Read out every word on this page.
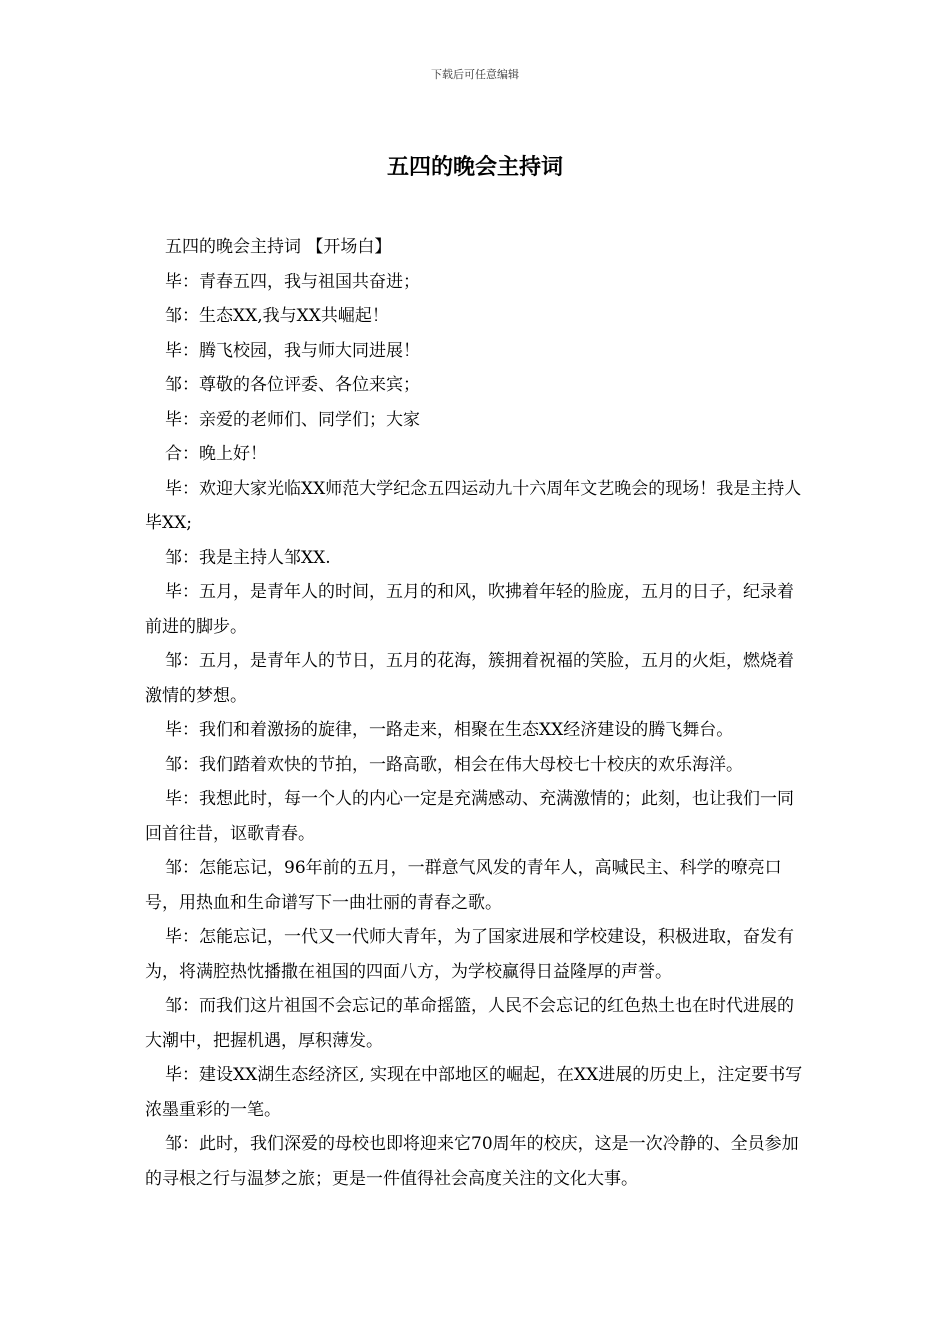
下载后可任意编辑
五四的晚会主持词

五四的晚会主持词 【开场白】

毕：青春五四，我与祖国共奋进；

邹：生态XX,我与XX共崛起！

毕：腾飞校园，我与师大同进展！

邹：尊敬的各位评委、各位来宾；

毕：亲爱的老师们、同学们；大家

合：晚上好！

毕：欢迎大家光临XX师范大学纪念五四运动九十六周年文艺晚会的现场！我是主持人毕XX;

邹：我是主持人邹XX.

毕：五月，是青年人的时间，五月的和风，吹拂着年轻的脸庞，五月的日子，纪录着前进的脚步。

邹：五月，是青年人的节日，五月的花海，簇拥着祝福的笑脸，五月的火炬，燃烧着激情的梦想。

毕：我们和着激扬的旋律，一路走来，相聚在生态XX经济建设的腾飞舞台。

邹：我们踏着欢快的节拍，一路高歌，相会在伟大母校七十校庆的欢乐海洋。

毕：我想此时，每一个人的内心一定是充满感动、充满激情的；此刻，也让我们一同回首往昔，讴歌青春。

邹：怎能忘记，96年前的五月，一群意气风发的青年人，高喊民主、科学的嘹亮口号，用热血和生命谱写下一曲壮丽的青春之歌。

毕：怎能忘记，一代又一代师大青年，为了国家进展和学校建设，积极进取，奋发有为，将满腔热忱播撒在祖国的四面八方，为学校赢得日益隆厚的声誉。

邹：而我们这片祖国不会忘记的革命摇篮，人民不会忘记的红色热土也在时代进展的大潮中，把握机遇，厚积薄发。

毕：建设XX湖生态经济区, 实现在中部地区的崛起，在XX进展的历史上，注定要书写浓墨重彩的一笔。

邹：此时，我们深爱的母校也即将迎来它70周年的校庆，这是一次冷静的、全员参加的寻根之行与温梦之旅；更是一件值得社会高度关注的文化大事。
